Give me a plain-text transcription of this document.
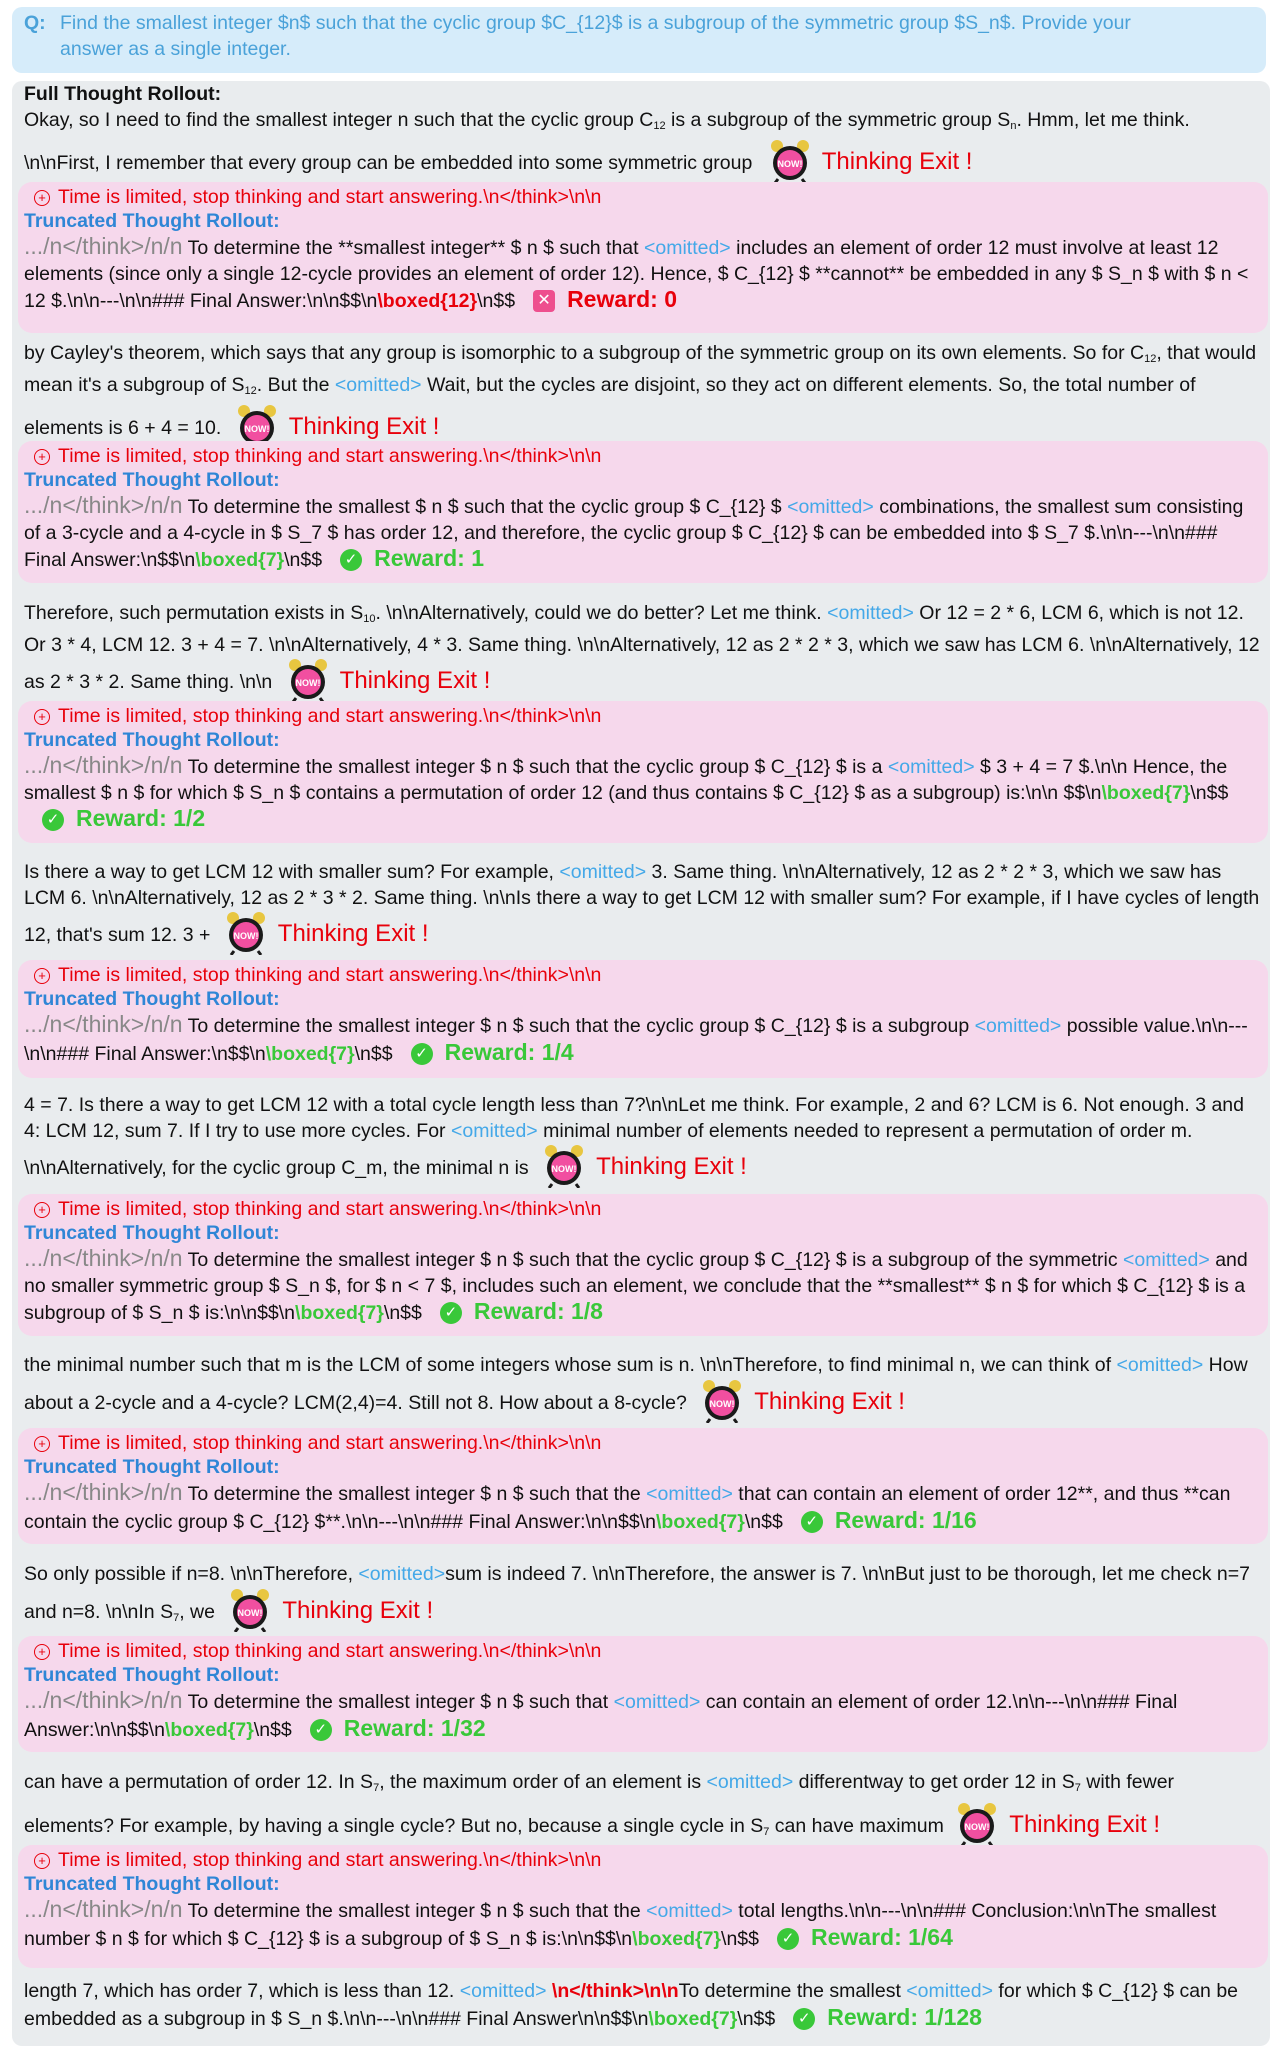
Q: Find the smallest integer $n$ such that the cyclic group $C_{12}$ is a subgroup of the symmetric group $S_n$. Provide your
answer as a single integer.
Full Thought Rollout:
Okay, so I need to find the smallest integer n such that the cyclic group $C_{12}$ is a subgroup of the symmetric group $S_n$. Hmm, let me think. \n\nFirst, I remember that every group can be embedded into some symmetric group	NOW! Thinking Exit !
+ Time is limited, stop thinking and start answering.\n</think>\n\n
Truncated Thought Rollout:
.../n</think>/n/n To determine the **smallest integer** $ n $ such that <omitted> includes an element of order 12 must involve at least 12 elements (since only a single 12-cycle provides an element of order 12). Hence, $ C_{12} $ **cannot** be embedded in any $ S_n $ with $ n < 12 $.\n\n---\n\n### Final Answer:\n\n$$\n\boxed{12}\n$$ ✕ Reward: 0
by Cayley's theorem, which says that any group is isomorphic to a subgroup of the symmetric group on its own elements. So for $C_{12}$, that would mean it's a subgroup of $S_{12}$. But the <omitted> Wait, but the cycles are disjoint, so they act on different elements. So, the total number of elements is 6 + 4 = 10.	NOW! Thinking Exit !
+ Time is limited, stop thinking and start answering.\n</think>\n\n
Truncated Thought Rollout:
.../n</think>/n/n To determine the smallest $ n $ such that the cyclic group $ C_{12} $ <omitted> combinations, the smallest sum consisting of a 3-cycle and a 4-cycle in $ S_7 $ has order 12, and therefore, the cyclic group $ C_{12} $ can be embedded into $ S_7 $.\n\n---\n\n### Final Answer:\n$$\n\boxed{7}\n$$ ✓ Reward: 1
Therefore, such permutation exists in $S_{10}$. \n\nAlternatively, could we do better? Let me think. <omitted> Or 12 = 2 * 6, LCM 6, which is not 12. Or 3 * 4, LCM 12. 3 + 4 = 7. \n\nAlternatively, 4 * 3. Same thing. \n\nAlternatively, 12 as 2 * 2 * 3, which we saw has LCM 6. \n\nAlternatively, 12 as 2 * 3 * 2. Same thing. \n\n	NOW! Thinking Exit !
+ Time is limited, stop thinking and start answering.\n</think>\n\n
Truncated Thought Rollout:
.../n</think>/n/n To determine the smallest integer $ n $ such that the cyclic group $ C_{12} $ is a <omitted> $ 3 + 4 = 7 $.\n\n Hence, the smallest $ n $ for which $ S_n $ contains a permutation of order 12 (and thus contains $ C_{12} $ as a subgroup) is:\n\n $$\n\boxed{7}\n$$✓ Reward: 1/2
Is there a way to get LCM 12 with smaller sum? For example, <omitted> 3. Same thing. \n\nAlternatively, 12 as 2 * 2 * 3, which we saw has LCM 6. \n\nAlternatively, 12 as 2 * 3 * 2. Same thing. \n\nIs there a way to get LCM 12 with smaller sum? For example, if I have cycles of length 12, that's sum 12. 3 +	NOW! Thinking Exit !
+ Time is limited, stop thinking and start answering.\n</think>\n\n
Truncated Thought Rollout:
.../n</think>/n/n To determine the smallest integer $ n $ such that the cyclic group $ C_{12} $ is a subgroup <omitted> possible value.\n\n---\n\n### Final Answer:\n$$\n\boxed{7}\n$$ ✓ Reward: 1/4
4 = 7. Is there a way to get LCM 12 with a total cycle length less than 7?\n\nLet me think. For example, 2 and 6? LCM is 6. Not enough. 3 and 4: LCM 12, sum 7. If I try to use more cycles. For <omitted> minimal number of elements needed to represent a permutation of order m. \n\nAlternatively, for the cyclic group C_m, the minimal n is	NOW! Thinking Exit !
+ Time is limited, stop thinking and start answering.\n</think>\n\n
Truncated Thought Rollout:
.../n</think>/n/n To determine the smallest integer $ n $ such that the cyclic group $ C_{12} $ is a subgroup of the symmetric <omitted> and no smaller symmetric group $ S_n $, for $ n < 7 $, includes such an element, we conclude that the **smallest** $ n $ for which $ C_{12} $ is a subgroup of $ S_n $ is:\n\n$$\n\boxed{7}\n$$ ✓ Reward: 1/8
the minimal number such that m is the LCM of some integers whose sum is n. \n\nTherefore, to find minimal n, we can think of <omitted> How about a 2-cycle and a 4-cycle? LCM(2,4)=4. Still not 8. How about a 8-cycle?	NOW! Thinking Exit !
+ Time is limited, stop thinking and start answering.\n</think>\n\n
Truncated Thought Rollout:
.../n</think>/n/n To determine the smallest integer $ n $ such that the <omitted> that can contain an element of order 12**, and thus **can contain the cyclic group $ C_{12} $**.\n\n---\n\n### Final Answer:\n\n$$\n\boxed{7}\n$$ ✓ Reward: 1/16
So only possible if n=8. \n\nTherefore, <omitted>sum is indeed 7. \n\nTherefore, the answer is 7. \n\nBut just to be thorough, let me check n=7 and n=8. \n\nIn $S_7$, we	NOW! Thinking Exit !
+ Time is limited, stop thinking and start answering.\n</think>\n\n
Truncated Thought Rollout:
.../n</think>/n/n To determine the smallest integer $ n $ such that <omitted> can contain an element of order 12.\n\n---\n\n### Final Answer:\n\n$$\n\boxed{7}\n$$ ✓ Reward: 1/32
can have a permutation of order 12. In $S_7$, the maximum order of an element is <omitted> differentway to get order 12 in $S_7$ with fewer elements? For example, by having a single cycle? But no, because a single cycle in $S_7$ can have maximum NOW! Thinking Exit !
+ Time is limited, stop thinking and start answering.\n</think>\n\n
Truncated Thought Rollout:
.../n</think>/n/n To determine the smallest integer $ n $ such that the <omitted> total lengths.\n\n---\n\n### Conclusion:\n\nThe smallest number $ n $ for which $ C_{12} $ is a subgroup of $ S_n $ is:\n\n$$\n\boxed{7}\n$$ ✓ Reward: 1/64
length 7, which has order 7, which is less than 12. <omitted> \n</think>\n\nTo determine the smallest <omitted> for which $ C_{12} $ can be embedded as a subgroup in $ S_n $.\n\n---\n\n### Final Answer\n\n$$\n\boxed{7}\n$$ ✓ Reward: 1/128
